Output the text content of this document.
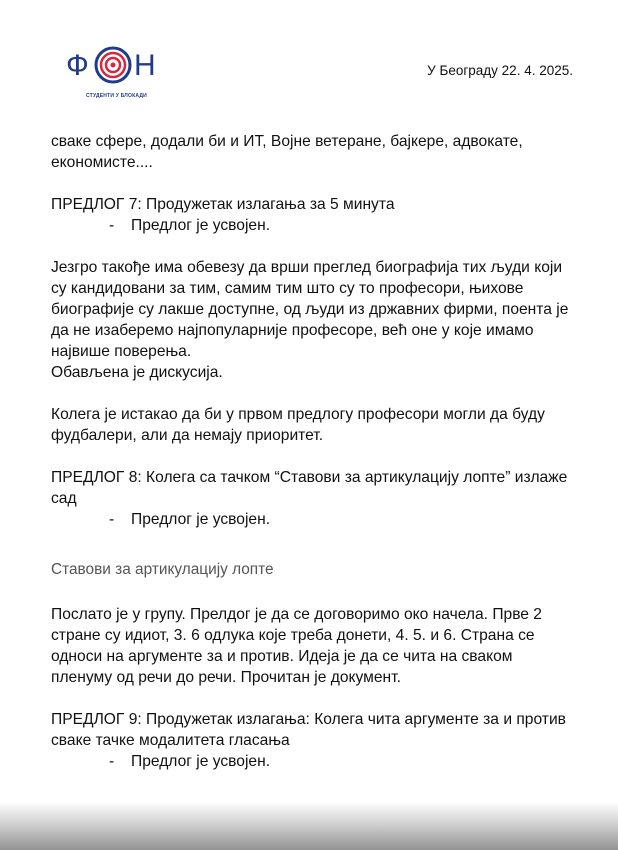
Ф Н
СТУДЕНТИ У БЛОКАДИ
У Београду 22. 4. 2025.

сваке сфере, додали би и ИТ, Војне ветеране, бајкере, адвокате, економисте....

ПРЕДЛОГ 7: Продужетак излагања за 5 минута

- Предлог је усвојен.

Језгро такође има обевезу да врши преглед биографија тих људи који су кандидовани за тим, самим тим што су то професори, њихове биографије су лакше доступне, од људи из државних фирми, поента је да не изаберемо најпопуларније професоре, већ оне у које имамо највише поверења.

Обављена је дискусија.

Колега је истакао да би у првом предлогу професори могли да буду фудбалери, али да немају приоритет.

ПРЕДЛОГ 8: Колега са тачком “Ставови за артикулацију лопте” излаже сад

- Предлог је усвојен.

Ставови за артикулацију лопте

Послато је у групу. Прелдог је да се договоримо око начела. Прве 2 стране су идиот, 3. 6 одлука које треба донети, 4. 5. и 6. Страна се односи на аргументе за и против. Идеја је да се чита на сваком пленуму од речи до речи. Прочитан је документ.

ПРЕДЛОГ 9: Продужетак излагања: Колега чита аргументе за и против сваке тачке модалитета гласања

- Предлог је усвојен.
